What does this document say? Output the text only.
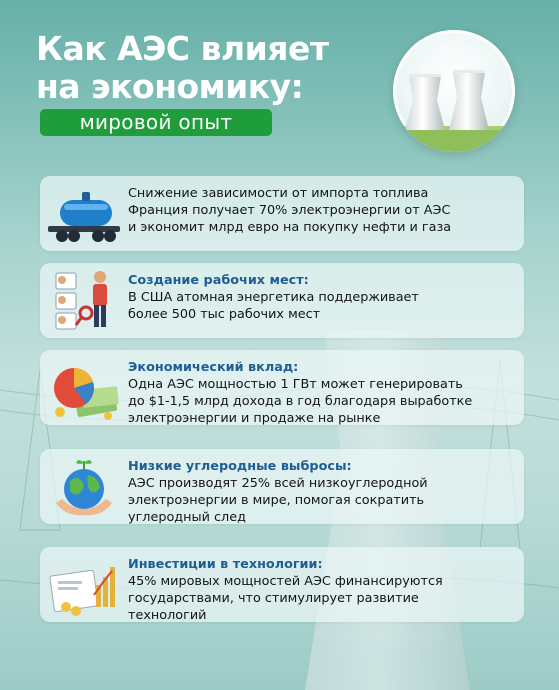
Как АЭС влияет
на экономику:
мировой опыт
Снижение зависимости от импорта топлива
Франция получает 70% электроэнергии от АЭС
и экономит млрд евро на покупку нефти и газа
Создание рабочих мест:
В США атомная энергетика поддерживает
более 500 тыс рабочих мест
Экономический вклад:
Одна АЭС мощностью 1 ГВт может генерировать
до $1-1,5 млрд дохода в год благодаря выработке
электроэнергии и продаже на рынке
Низкие углеродные выбросы:
АЭС производят 25% всей низкоуглеродной
электроэнергии в мире, помогая сократить
углеродный след
Инвестиции в технологии:
45% мировых мощностей АЭС финансируются
государствами, что стимулирует развитие
технологий
